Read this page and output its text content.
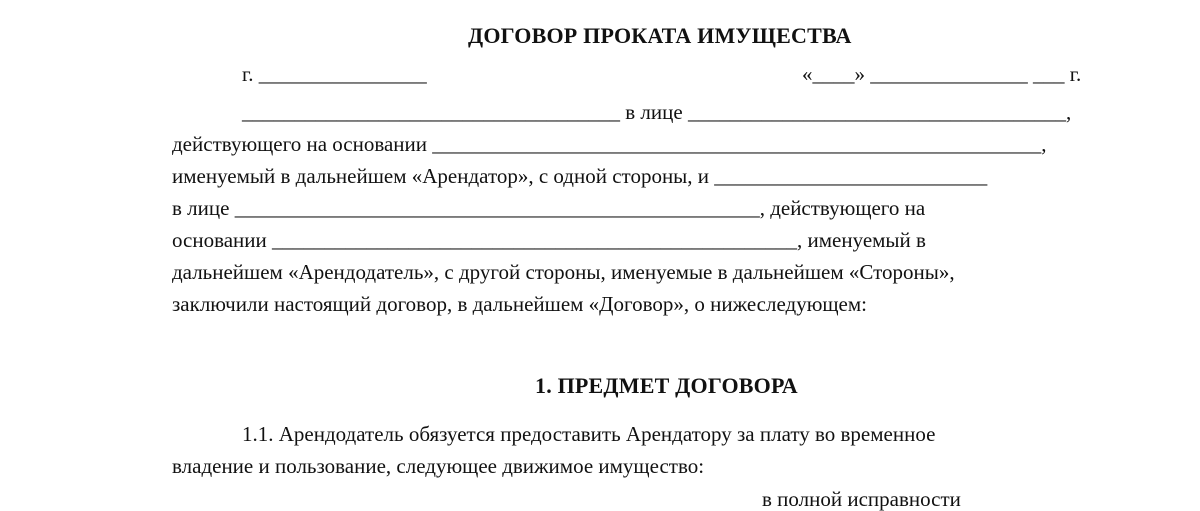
ДОГОВОР ПРОКАТА ИМУЩЕСТВА
г. ________________	«____» _______________ ___ г.
____________________________________ в лице ____________________________________,
действующего на основании __________________________________________________________,
именуемый в дальнейшем «Арендатор», с одной стороны, и __________________________
в лице __________________________________________________, действующего на
основании __________________________________________________, именуемый в
дальнейшем «Арендодатель», с другой стороны, именуемые в дальнейшем «Стороны»,
заключили настоящий договор, в дальнейшем «Договор», о нижеследующем:
1. ПРЕДМЕТ ДОГОВОРА
1.1. Арендодатель обязуется предоставить Арендатору за плату во временное
владение и пользование, следующее движимое имущество:
в полной исправности
